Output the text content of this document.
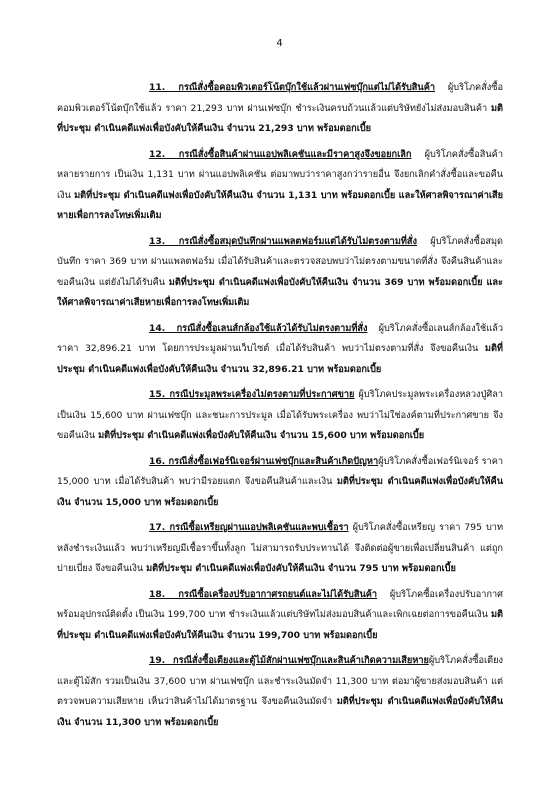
4

11. กรณีสั่งซื้อคอมพิวเตอร์โน้ตบุ๊กใช้แล้วผ่านเฟซบุ๊กแต่ไม่ได้รับสินค้า ผู้บริโภคสั่งซื้อคอมพิวเตอร์โน้ตบุ๊กใช้แล้ว ราคา 21,293 บาท ผ่านเฟซบุ๊ก ชำระเงินครบถ้วนแล้วแต่บริษัทยังไม่ส่งมอบสินค้า มติที่ประชุม ดำเนินคดีแพ่งเพื่อบังคับให้คืนเงิน จำนวน 21,293 บาท พร้อมดอกเบี้ย

12. กรณีสั่งซื้อสินค้าผ่านแอปพลิเคชันและมีราคาสูงจึงขอยกเลิก ผู้บริโภคสั่งซื้อสินค้าหลายรายการ เป็นเงิน 1,131 บาท ผ่านแอปพลิเคชัน ต่อมาพบว่าราคาสูงกว่ารายอื่น จึงยกเลิกคำสั่งซื้อและขอคืนเงิน มติที่ประชุม ดำเนินคดีแพ่งเพื่อบังคับให้คืนเงิน จำนวน 1,131 บาท พร้อมดอกเบี้ย และให้ศาลพิจารณาค่าเสียหายเพื่อการลงโทษเพิ่มเติม

13. กรณีสั่งซื้อสมุดบันทึกผ่านแพลตฟอร์มแต่ได้รับไม่ตรงตามที่สั่ง ผู้บริโภคสั่งซื้อสมุดบันทึก ราคา 369 บาท ผ่านแพลตฟอร์ม เมื่อได้รับสินค้าและตรวจสอบพบว่าไม่ตรงตามขนาดที่สั่ง จึงคืนสินค้าและขอคืนเงิน แต่ยังไม่ได้รับคืน มติที่ประชุม ดำเนินคดีแพ่งเพื่อบังคับให้คืนเงิน จำนวน 369 บาท พร้อมดอกเบี้ย และให้ศาลพิจารณาค่าเสียหายเพื่อการลงโทษเพิ่มเติม

14. กรณีสั่งซื้อเลนส์กล้องใช้แล้วได้รับไม่ตรงตามที่สั่ง ผู้บริโภคสั่งซื้อเลนส์กล้องใช้แล้ว ราคา 32,896.21 บาท โดยการประมูลผ่านเว็บไซต์ เมื่อได้รับสินค้า พบว่าไม่ตรงตามที่สั่ง จึงขอคืนเงิน มติที่ประชุม ดำเนินคดีแพ่งเพื่อบังคับให้คืนเงิน จำนวน 32,896.21 บาท พร้อมดอกเบี้ย

15. กรณีประมูลพระเครื่องไม่ตรงตามที่ประกาศขาย ผู้บริโภคประมูลพระเครื่องหลวงปู่ศิลา เป็นเงิน 15,600 บาท ผ่านเฟซบุ๊ก และชนะการประมูล เมื่อได้รับพระเครื่อง พบว่าไม่ใช่องค์ตามที่ประกาศขาย จึงขอคืนเงิน มติที่ประชุม ดำเนินคดีแพ่งเพื่อบังคับให้คืนเงิน จำนวน 15,600 บาท พร้อมดอกเบี้ย

16. กรณีสั่งซื้อเฟอร์นิเจอร์ผ่านเฟซบุ๊กและสินค้าเกิดปัญหาผู้บริโภคสั่งซื้อเฟอร์นิเจอร์ ราคา 15,000 บาท เมื่อได้รับสินค้า พบว่ามีรอยแตก จึงขอคืนสินค้าและเงิน มติที่ประชุม ดำเนินคดีแพ่งเพื่อบังคับให้คืนเงิน จำนวน 15,000 บาท พร้อมดอกเบี้ย

17. กรณีซื้อเหรียญผ่านแอปพลิเคชันและพบเชื้อรา ผู้บริโภคสั่งซื้อเหรียญ ราคา 795 บาท หลังชำระเงินแล้ว พบว่าเหรียญมีเชื้อราขึ้นทั้งลูก ไม่สามารถรับประทานได้ จึงติดต่อผู้ขายเพื่อเปลี่ยนสินค้า แต่ถูกบ่ายเบี่ยง จึงขอคืนเงิน มติที่ประชุม ดำเนินคดีแพ่งเพื่อบังคับให้คืนเงิน จำนวน 795 บาท พร้อมดอกเบี้ย

18. กรณีซื้อเครื่องปรับอากาศรถยนต์และไม่ได้รับสินค้า ผู้บริโภคซื้อเครื่องปรับอากาศพร้อมอุปกรณ์ติดตั้ง เป็นเงิน 199,700 บาท ชำระเงินแล้วแต่บริษัทไม่ส่งมอบสินค้าและเพิกเฉยต่อการขอคืนเงิน มติที่ประชุม ดำเนินคดีแพ่งเพื่อบังคับให้คืนเงิน จำนวน 199,700 บาท พร้อมดอกเบี้ย

19. กรณีสั่งซื้อเตียงและตู้ไม้สักผ่านเฟซบุ๊กและสินค้าเกิดความเสียหายผู้บริโภคสั่งซื้อเตียงและตู้ไม้สัก รวมเป็นเงิน 37,600 บาท ผ่านเฟซบุ๊ก และชำระเงินมัดจำ 11,300 บาท ต่อมาผู้ขายส่งมอบสินค้า แต่ตรวจพบความเสียหาย เห็นว่าสินค้าไม่ได้มาตรฐาน จึงขอคืนเงินมัดจำ มติที่ประชุม ดำเนินคดีแพ่งเพื่อบังคับให้คืนเงิน จำนวน 11,300 บาท พร้อมดอกเบี้ย
